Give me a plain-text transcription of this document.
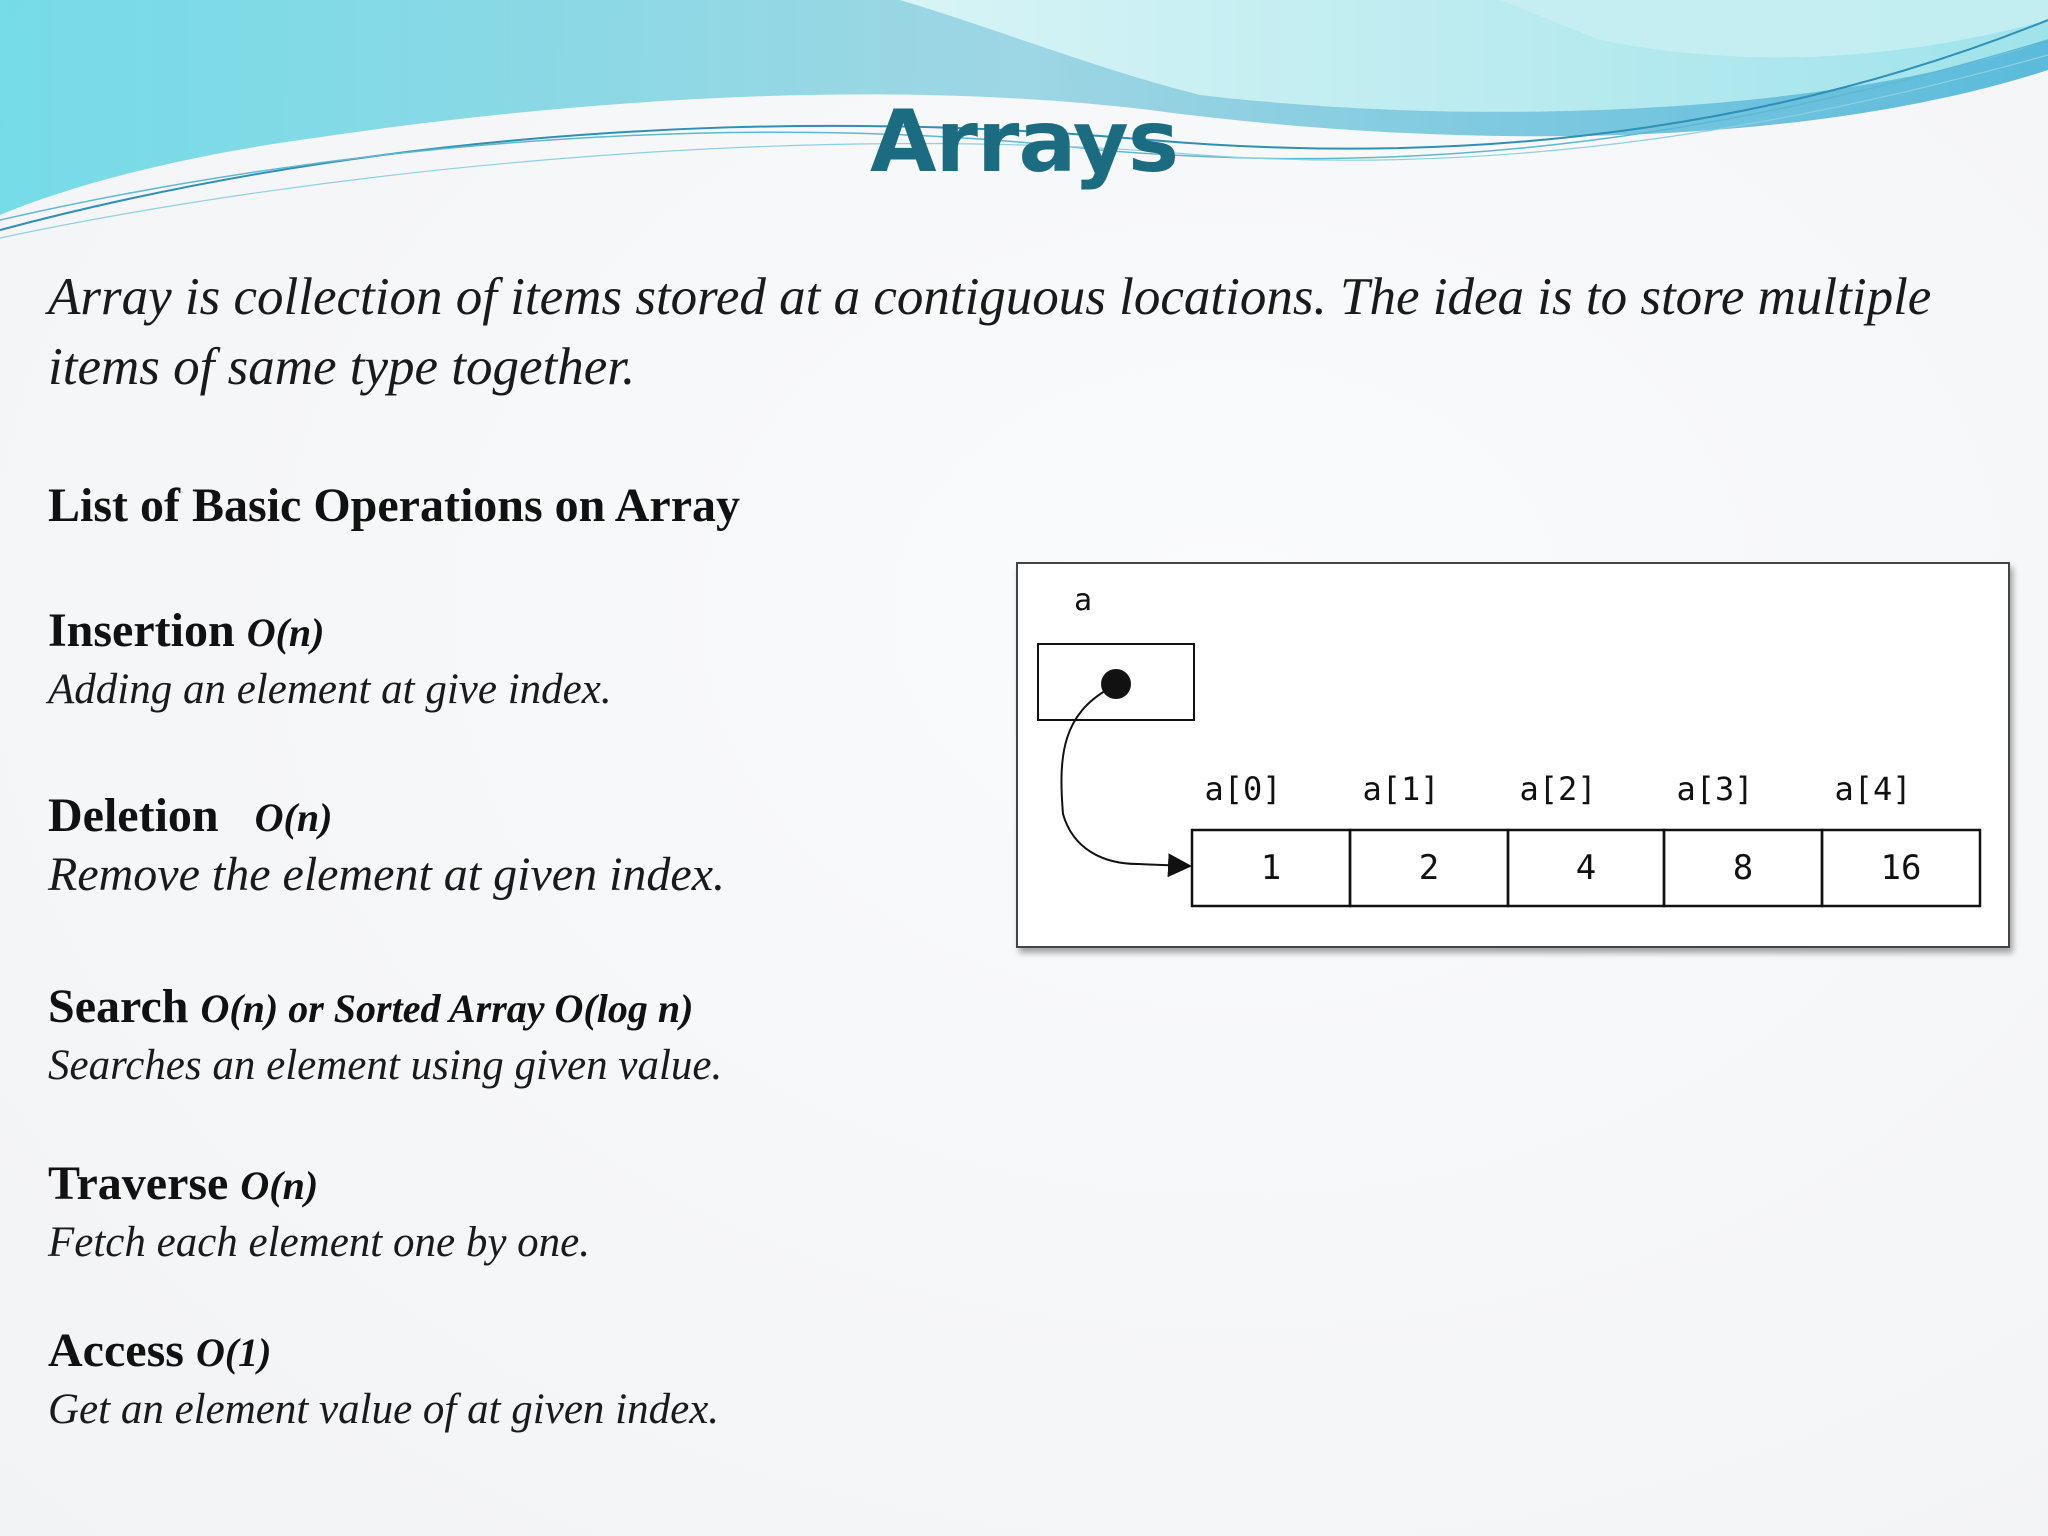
Arrays

Array is collection of items stored at a contiguous locations. The idea is to store multiple items of same type together.

List of Basic Operations on Array
Insertion O(n)
Adding an element at give index.
Deletion O(n)
Remove the element at given index.
Search O(n) or Sorted Array O(log n)
Searches an element using given value.
Traverse O(n)
Fetch each element one by one.
Access O(1)
Get an element value of at given index.
a
a[0]	a[1] a[2] a[3]	a[4]
1	2	4	8	16
